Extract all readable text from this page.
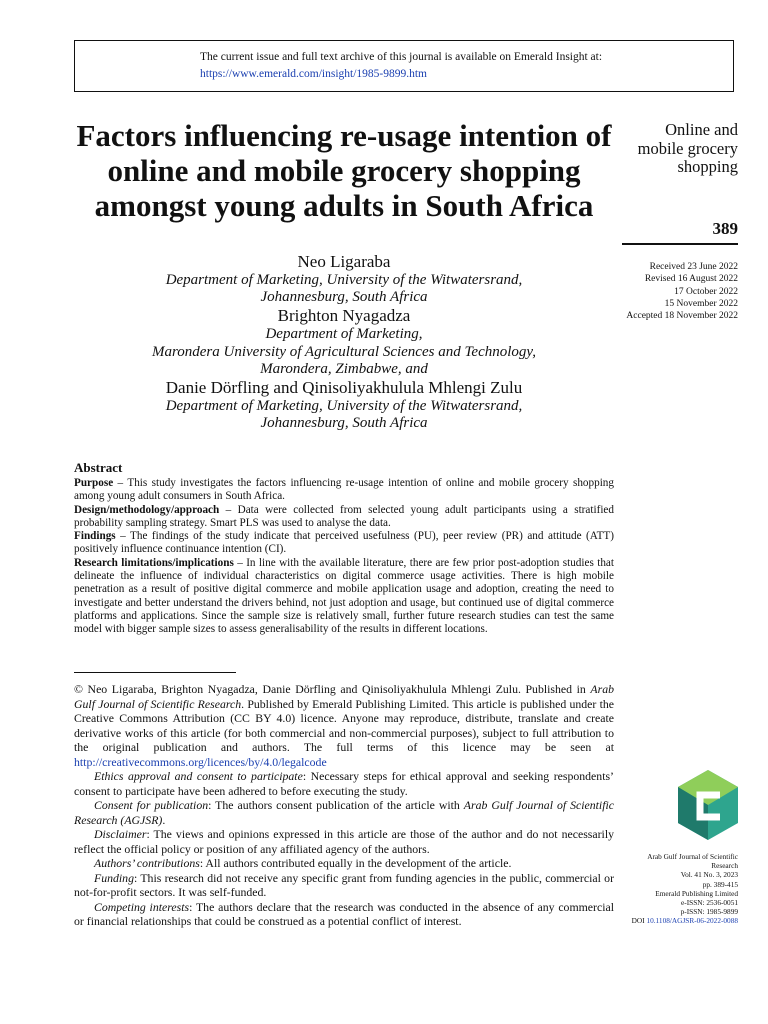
The current issue and full text archive of this journal is available on Emerald Insight at:
https://www.emerald.com/insight/1985-9899.htm
Factors influencing re-usage intention of online and mobile grocery shopping amongst young adults in South Africa
Online and
mobile grocery
shopping
389
Received 23 June 2022
Revised 16 August 2022
17 October 2022
15 November 2022
Accepted 18 November 2022
Neo Ligaraba
Department of Marketing, University of the Witwatersrand,
Johannesburg, South Africa
Brighton Nyagadza
Department of Marketing,
Marondera University of Agricultural Sciences and Technology,
Marondera, Zimbabwe, and
Danie Dörfling and Qinisoliyakhulula Mhlengi Zulu
Department of Marketing, University of the Witwatersrand,
Johannesburg, South Africa
Abstract

Purpose – This study investigates the factors influencing re-usage intention of online and mobile grocery shopping among young adult consumers in South Africa.

Design/methodology/approach – Data were collected from selected young adult participants using a stratified probability sampling strategy. Smart PLS was used to analyse the data.

Findings – The findings of the study indicate that perceived usefulness (PU), peer review (PR) and attitude (ATT) positively influence continuance intention (CI).

Research limitations/implications – In line with the available literature, there are few prior post-adoption studies that delineate the influence of individual characteristics on digital commerce usage activities. There is high mobile penetration as a result of positive digital commerce and mobile application usage and adoption, creating the need to investigate and better understand the drivers behind, not just adoption and usage, but continued use of digital commerce platforms and applications. Since the sample size is relatively small, further future research studies can test the same model with bigger sample sizes to assess generalisability of the results in different locations.

© Neo Ligaraba, Brighton Nyagadza, Danie Dörfling and Qinisoliyakhulula Mhlengi Zulu. Published in Arab Gulf Journal of Scientific Research. Published by Emerald Publishing Limited. This article is published under the Creative Commons Attribution (CC BY 4.0) licence. Anyone may reproduce, distribute, translate and create derivative works of this article (for both commercial and non-commercial purposes), subject to full attribution to the original publication and authors. The full terms of this licence may be seen at http://creativecommons.org/licences/by/4.0/legalcode

Ethics approval and consent to participate: Necessary steps for ethical approval and seeking respondents’ consent to participate have been adhered to before executing the study.

Consent for publication: The authors consent publication of the article with Arab Gulf Journal of Scientific Research (AGJSR).

Disclaimer: The views and opinions expressed in this article are those of the author and do not necessarily reflect the official policy or position of any affiliated agency of the authors.

Authors’ contributions: All authors contributed equally in the development of the article.

Funding: This research did not receive any specific grant from funding agencies in the public, commercial or not-for-profit sectors. It was self-funded.

Competing interests: The authors declare that the research was conducted in the absence of any commercial or financial relationships that could be construed as a potential conflict of interest.

Arab Gulf Journal of Scientific
Research
Vol. 41 No. 3, 2023
pp. 389-415
Emerald Publishing Limited
e-ISSN: 2536-0051
p-ISSN: 1985-9899
DOI 10.1108/AGJSR-06-2022-0088
